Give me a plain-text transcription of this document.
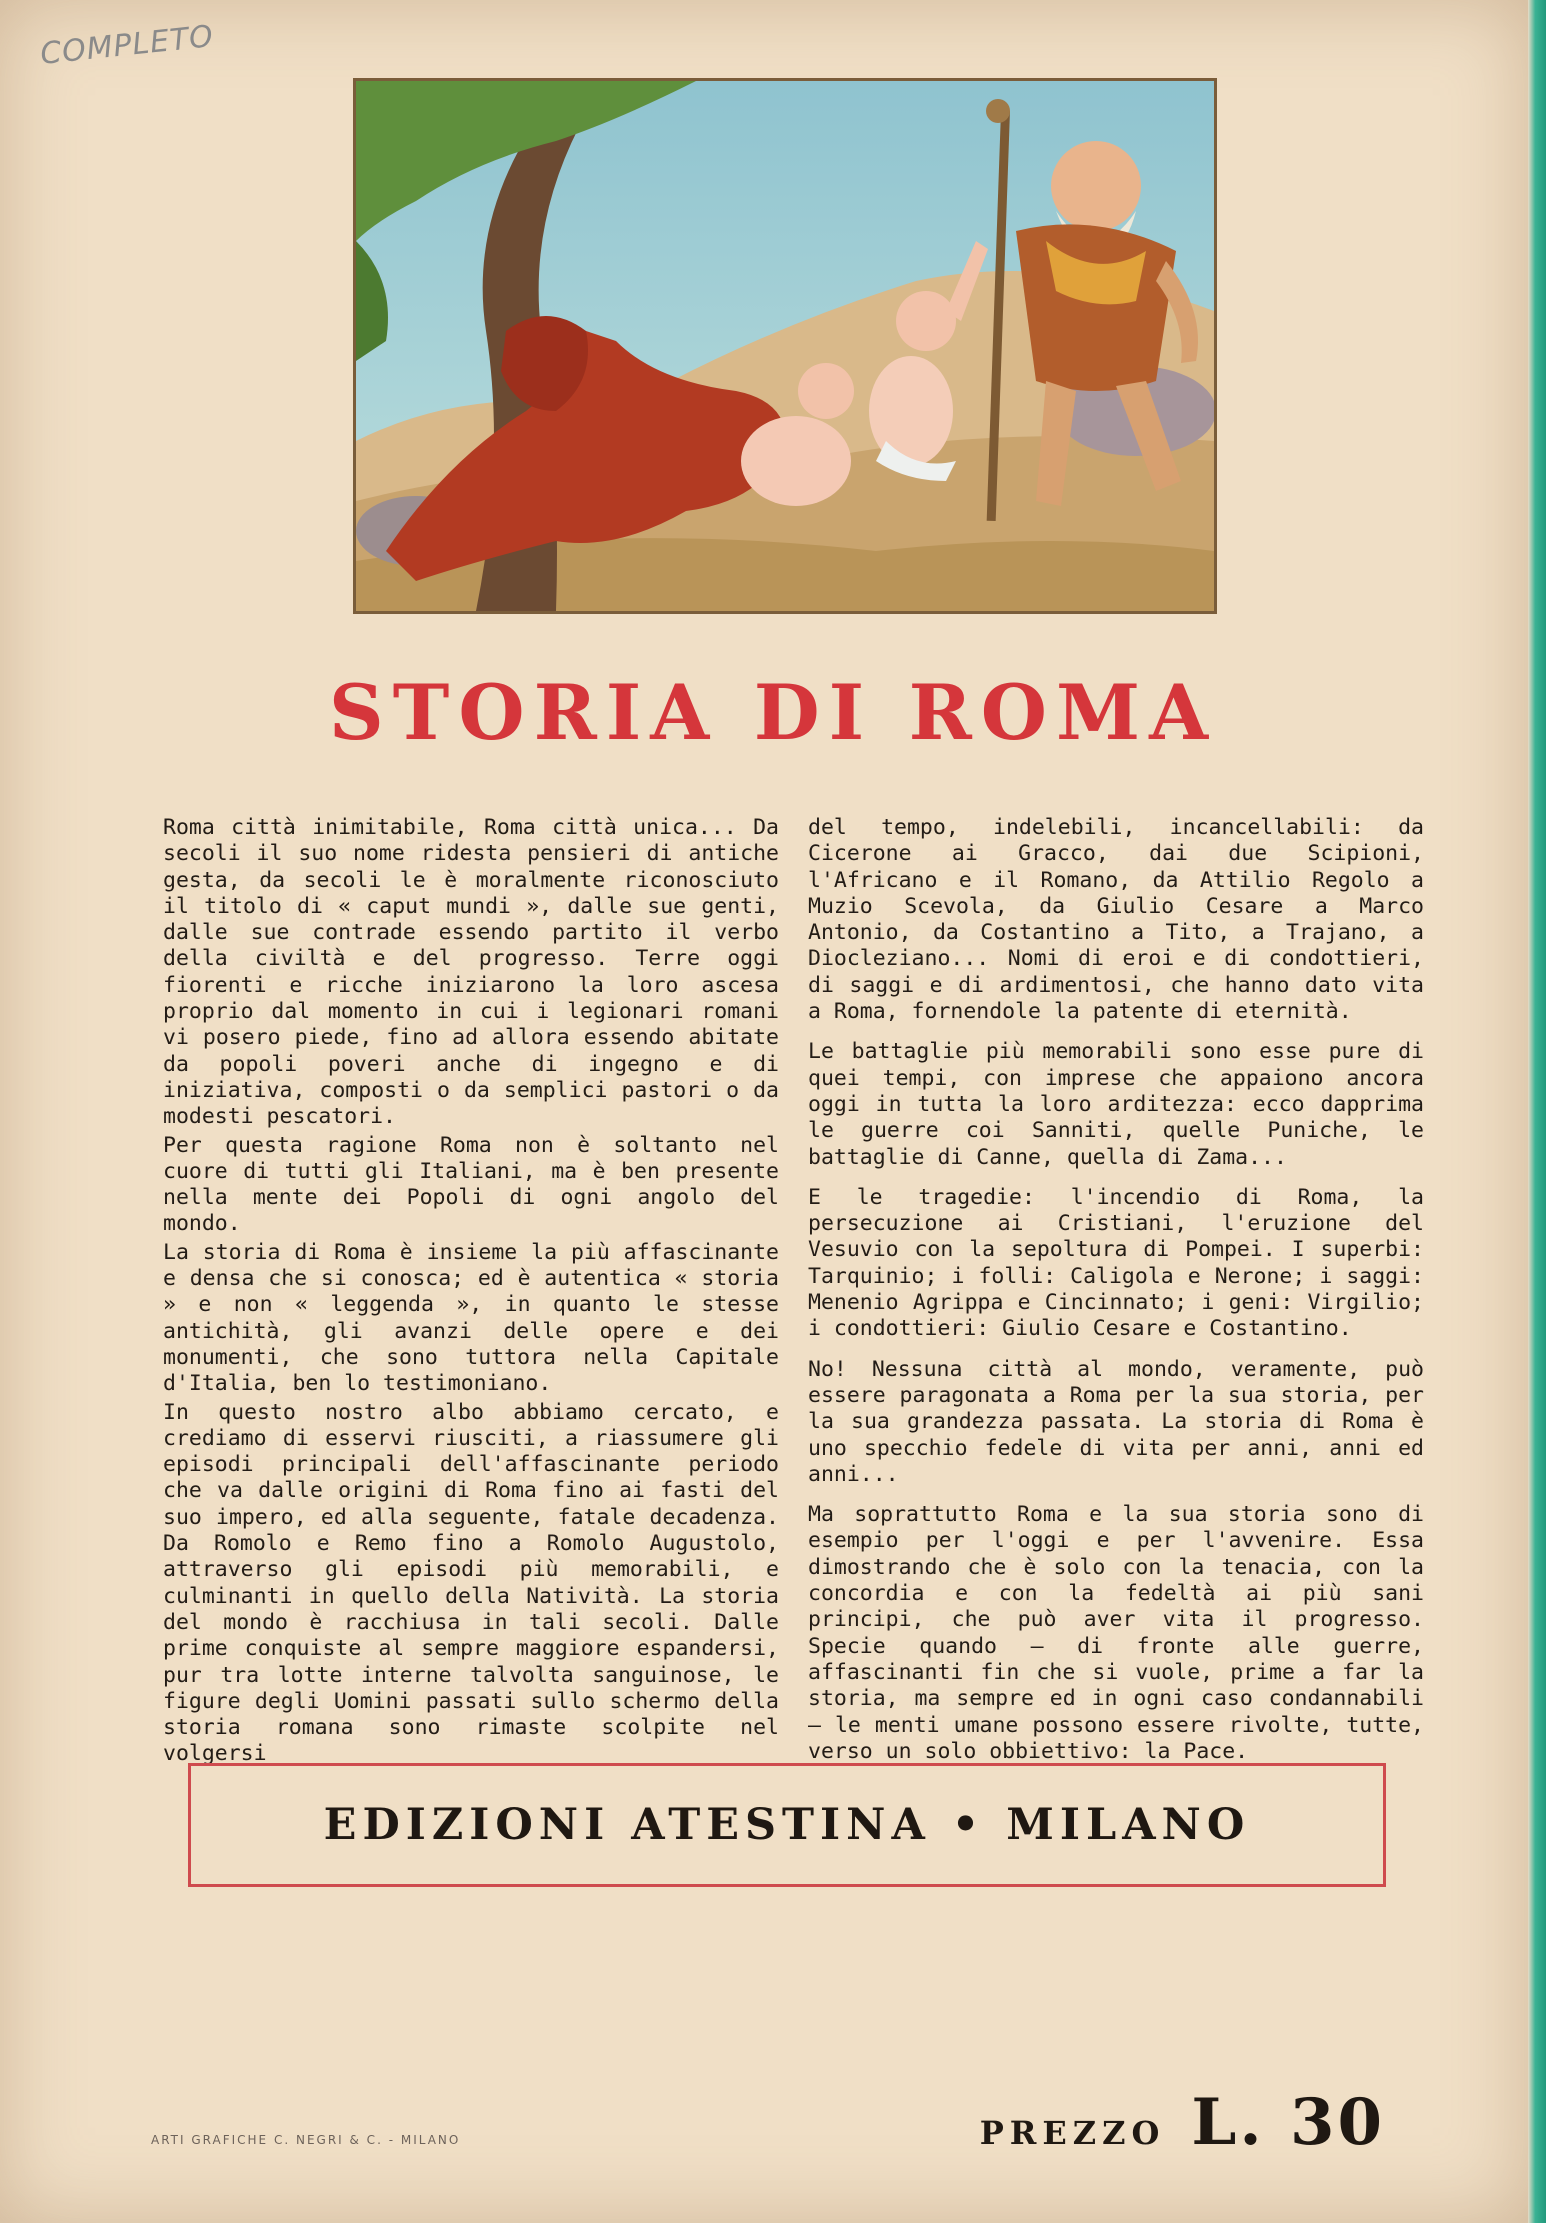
COMPLETO
STORIA DI ROMA

Roma città inimitabile, Roma città unica... Da secoli il suo nome ridesta pensieri di antiche gesta, da secoli le è moralmente riconosciuto il titolo di « caput mundi », dalle sue genti, dalle sue contrade essendo partito il verbo della civiltà e del progresso. Terre oggi fiorenti e ricche iniziarono la loro ascesa proprio dal momento in cui i legionari romani vi posero piede, fino ad allora essendo abitate da popoli poveri anche di ingegno e di iniziativa, composti o da semplici pastori o da modesti pescatori.

Per questa ragione Roma non è soltanto nel cuore di tutti gli Italiani, ma è ben presente nella mente dei Popoli di ogni angolo del mondo.

La storia di Roma è insieme la più affascinante e densa che si conosca; ed è autentica « storia » e non « leggenda », in quanto le stesse antichità, gli avanzi delle opere e dei monumenti, che sono tuttora nella Capitale d'Italia, ben lo testimoniano.

In questo nostro albo abbiamo cercato, e crediamo di esservi riusciti, a riassumere gli episodi principali dell'affascinante periodo che va dalle origini di Roma fino ai fasti del suo impero, ed alla seguente, fatale decadenza. Da Romolo e Remo fino a Romolo Augustolo, attraverso gli episodi più memorabili, e culminanti in quello della Natività. La storia del mondo è racchiusa in tali secoli. Dalle prime conquiste al sempre maggiore espandersi, pur tra lotte interne talvolta sanguinose, le figure degli Uomini passati sullo schermo della storia romana sono rimaste scolpite nel volgersi

del tempo, indelebili, incancellabili: da Cicerone ai Gracco, dai due Scipioni, l'Africano e il Romano, da Attilio Regolo a Muzio Scevola, da Giulio Cesare a Marco Antonio, da Costantino a Tito, a Trajano, a Diocleziano... Nomi di eroi e di condottieri, di saggi e di ardimentosi, che hanno dato vita a Roma, fornendole la patente di eternità.

Le battaglie più memorabili sono esse pure di quei tempi, con imprese che appaiono ancora oggi in tutta la loro arditezza: ecco dapprima le guerre coi Sanniti, quelle Puniche, le battaglie di Canne, quella di Zama...

E le tragedie: l'incendio di Roma, la persecuzione ai Cristiani, l'eruzione del Vesuvio con la sepoltura di Pompei. I superbi: Tarquinio; i folli: Caligola e Nerone; i saggi: Menenio Agrippa e Cincinnato; i geni: Virgilio; i condottieri: Giulio Cesare e Costantino.

No! Nessuna città al mondo, veramente, può essere paragonata a Roma per la sua storia, per la sua grandezza passata. La storia di Roma è uno specchio fedele di vita per anni, anni ed anni...

Ma soprattutto Roma e la sua storia sono di esempio per l'oggi e per l'avvenire. Essa dimostrando che è solo con la tenacia, con la concordia e con la fedeltà ai più sani principi, che può aver vita il progresso. Specie quando — di fronte alle guerre, affascinanti fin che si vuole, prime a far la storia, ma sempre ed in ogni caso condannabili — le menti umane possono essere rivolte, tutte, verso un solo obbiettivo: la Pace.

EDIZIONI ATESTINA • MILANO
PREZZO L. 30
ARTI GRAFICHE C. NEGRI & C. - MILANO
